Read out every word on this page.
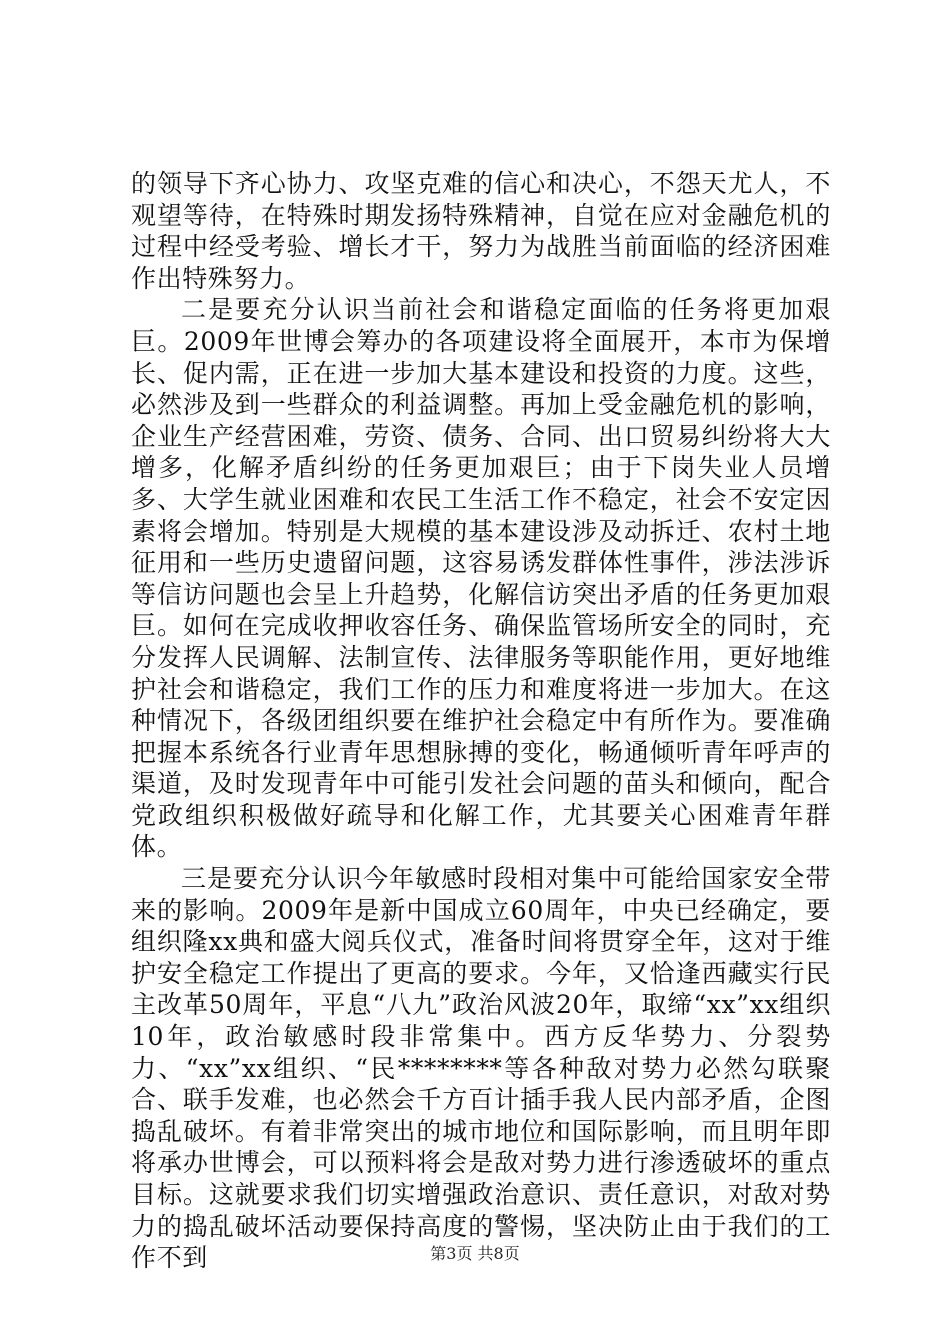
的领导下齐心协力、攻坚克难的信心和决心，不怨天尤人，不观望等待，在特殊时期发扬特殊精神，自觉在应对金融危机的过程中经受考验、增长才干，努力为战胜当前面临的经济困难作出特殊努力。

二是要充分认识当前社会和谐稳定面临的任务将更加艰巨。2009年世博会筹办的各项建设将全面展开，本市为保增长、促内需，正在进一步加大基本建设和投资的力度。这些，必然涉及到一些群众的利益调整。再加上受金融危机的影响，企业生产经营困难，劳资、债务、合同、出口贸易纠纷将大大增多，化解矛盾纠纷的任务更加艰巨；由于下岗失业人员增多、大学生就业困难和农民工生活工作不稳定，社会不安定因素将会增加。特别是大规模的基本建设涉及动拆迁、农村土地征用和一些历史遗留问题，这容易诱发群体性事件，涉法涉诉等信访问题也会呈上升趋势，化解信访突出矛盾的任务更加艰巨。如何在完成收押收容任务、确保监管场所安全的同时，充分发挥人民调解、法制宣传、法律服务等职能作用，更好地维护社会和谐稳定，我们工作的压力和难度将进一步加大。在这种情况下，各级团组织要在维护社会稳定中有所作为。要准确把握本系统各行业青年思想脉搏的变化，畅通倾听青年呼声的渠道，及时发现青年中可能引发社会问题的苗头和倾向，配合党政组织积极做好疏导和化解工作，尤其要关心困难青年群体。

三是要充分认识今年敏感时段相对集中可能给国家安全带来的影响。2009年是新中国成立60周年，中央已经确定，要组织隆xx典和盛大阅兵仪式，准备时间将贯穿全年，这对于维护安全稳定工作提出了更高的要求。今年，又恰逢西藏实行民主改革50周年，平息“八九”政治风波20年，取缔“xx”xx组织10年，政治敏感时段非常集中。西方反华势力、分裂势力、“xx”xx组织、“民********等各种敌对势力必然勾联聚合、联手发难，也必然会千方百计插手我人民内部矛盾，企图捣乱破坏。有着非常突出的城市地位和国际影响，而且明年即将承办世博会，可以预料将会是敌对势力进行渗透破坏的重点目标。这就要求我们切实增强政治意识、责任意识，对敌对势力的捣乱破坏活动要保持高度的警惕，坚决防止由于我们的工作不到	第3页 共8页
